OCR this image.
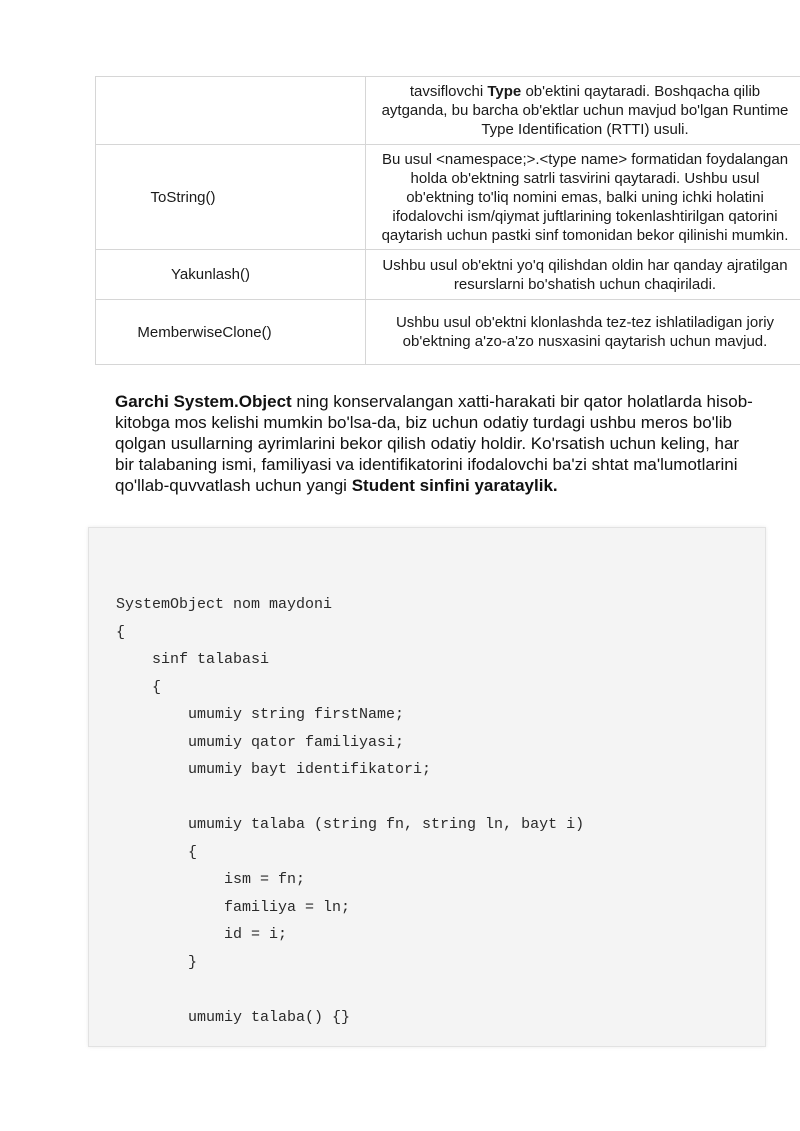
	tavsiflovchi Type ob'ektini qaytaradi. Boshqacha qilib
aytganda, bu barcha ob'ektlar uchun mavjud bo'lgan Runtime
Type Identification (RTTI) usuli.

ToString()	Bu usul <namespace;>.<type name> formatidan foydalangan
holda ob'ektning satrli tasvirini qaytaradi. Ushbu usul
ob'ektning to'liq nomini emas, balki uning ichki holatini
ifodalovchi ism/qiymat juftlarining tokenlashtirilgan qatorini
qaytarish uchun pastki sinf tomonidan bekor qilinishi mumkin.

Yakunlash()	Ushbu usul ob'ektni yo'q qilishdan oldin har qanday ajratilgan
resurslarni bo'shatish uchun chaqiriladi.

MemberwiseClone()	Ushbu usul ob'ektni klonlashda tez-tez ishlatiladigan joriy
ob'ektning a'zo-a'zo nusxasini qaytarish uchun mavjud.

Garchi System.Object ning konservalangan xatti-harakati bir qator holatlarda hisob-kitobga mos kelishi mumkin bo'lsa-da, biz uchun odatiy turdagi ushbu meros bo'lib qolgan usullarning ayrimlarini bekor qilish odatiy holdir. Ko'rsatish uchun keling, har bir talabaning ismi, familiyasi va identifikatorini ifodalovchi ba'zi shtat ma'lumotlarini qo'llab-quvvatlash uchun yangi Student sinfini yarataylik.

SystemObject nom maydoni
{
sinf talabasi
{
umumiy string firstName;
umumiy qator familiyasi;
umumiy bayt identifikatori;
umumiy talaba (string fn, string ln, bayt i)
{
ism = fn;
familiya = ln;
id = i;
}
umumiy talaba() {}
